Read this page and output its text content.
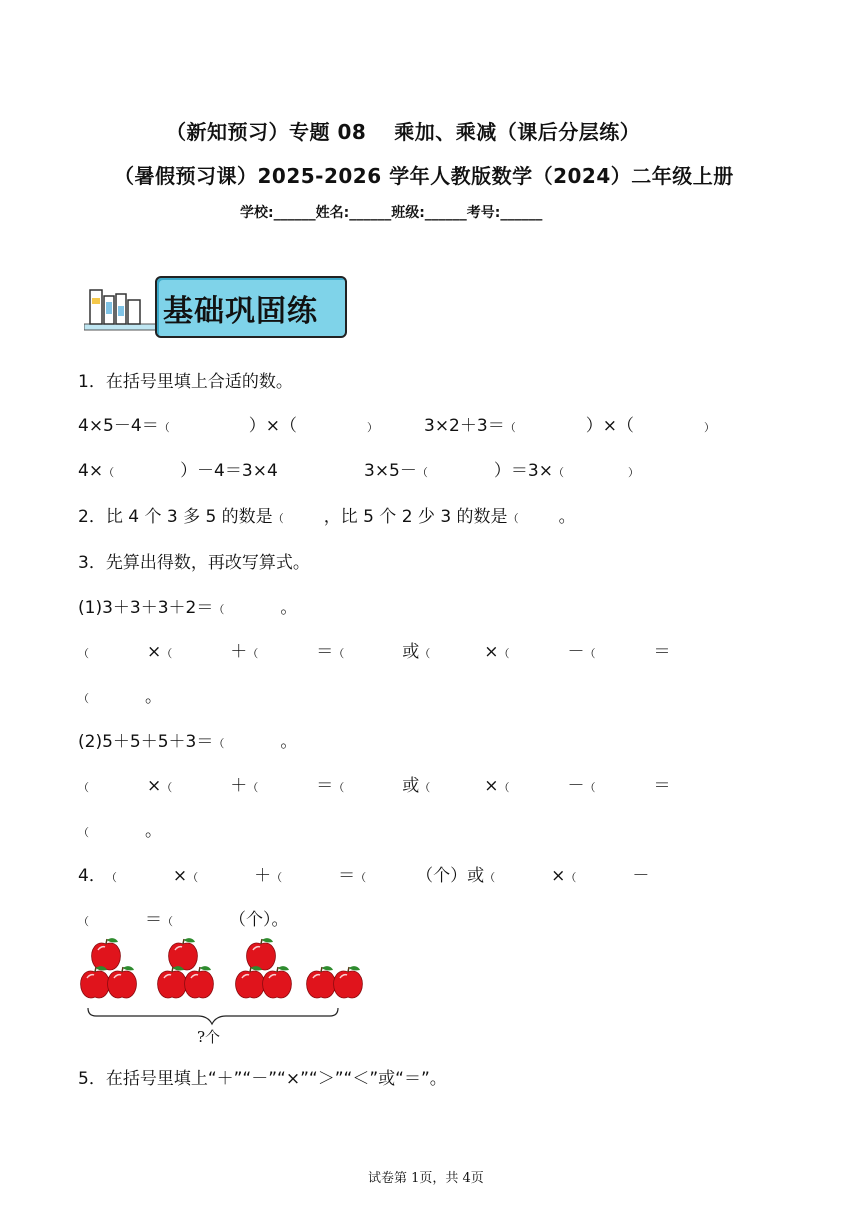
（新知预习）专题 08　 乘加、乘减（课后分层练）
（暑假预习课）2025-2026 学年人教版数学（2024）二年级上册
学校:______姓名:______班级:______考号:______
基础巩固练
1．在括号里填上合适的数。
4×5－4＝（	）×（	）	3×2＋3＝（	）×（	）
4×（	）－4＝3×4	3×5－（	）＝3×（	）
2．比 4 个 3 多 5 的数是（ ，比 5 个 2 少 3 的数是（ 。
3．先算出得数，再改写算式。
(1)3＋3＋3＋2＝（	。
（	×（	＋（	＝（	或（	×（	－（	＝
（	。
(2)5＋5＋5＋3＝（	。
（	×（	＋（	＝（	或（	×（	－（	＝
（	。
4．（	×（	＋（	＝（	（个）或（	×（	－
（	＝（	（个）。
?个
5．在括号里填上“＋”“－”“×”“＞”“＜”或“＝”。
试卷第 1页，共 4页
